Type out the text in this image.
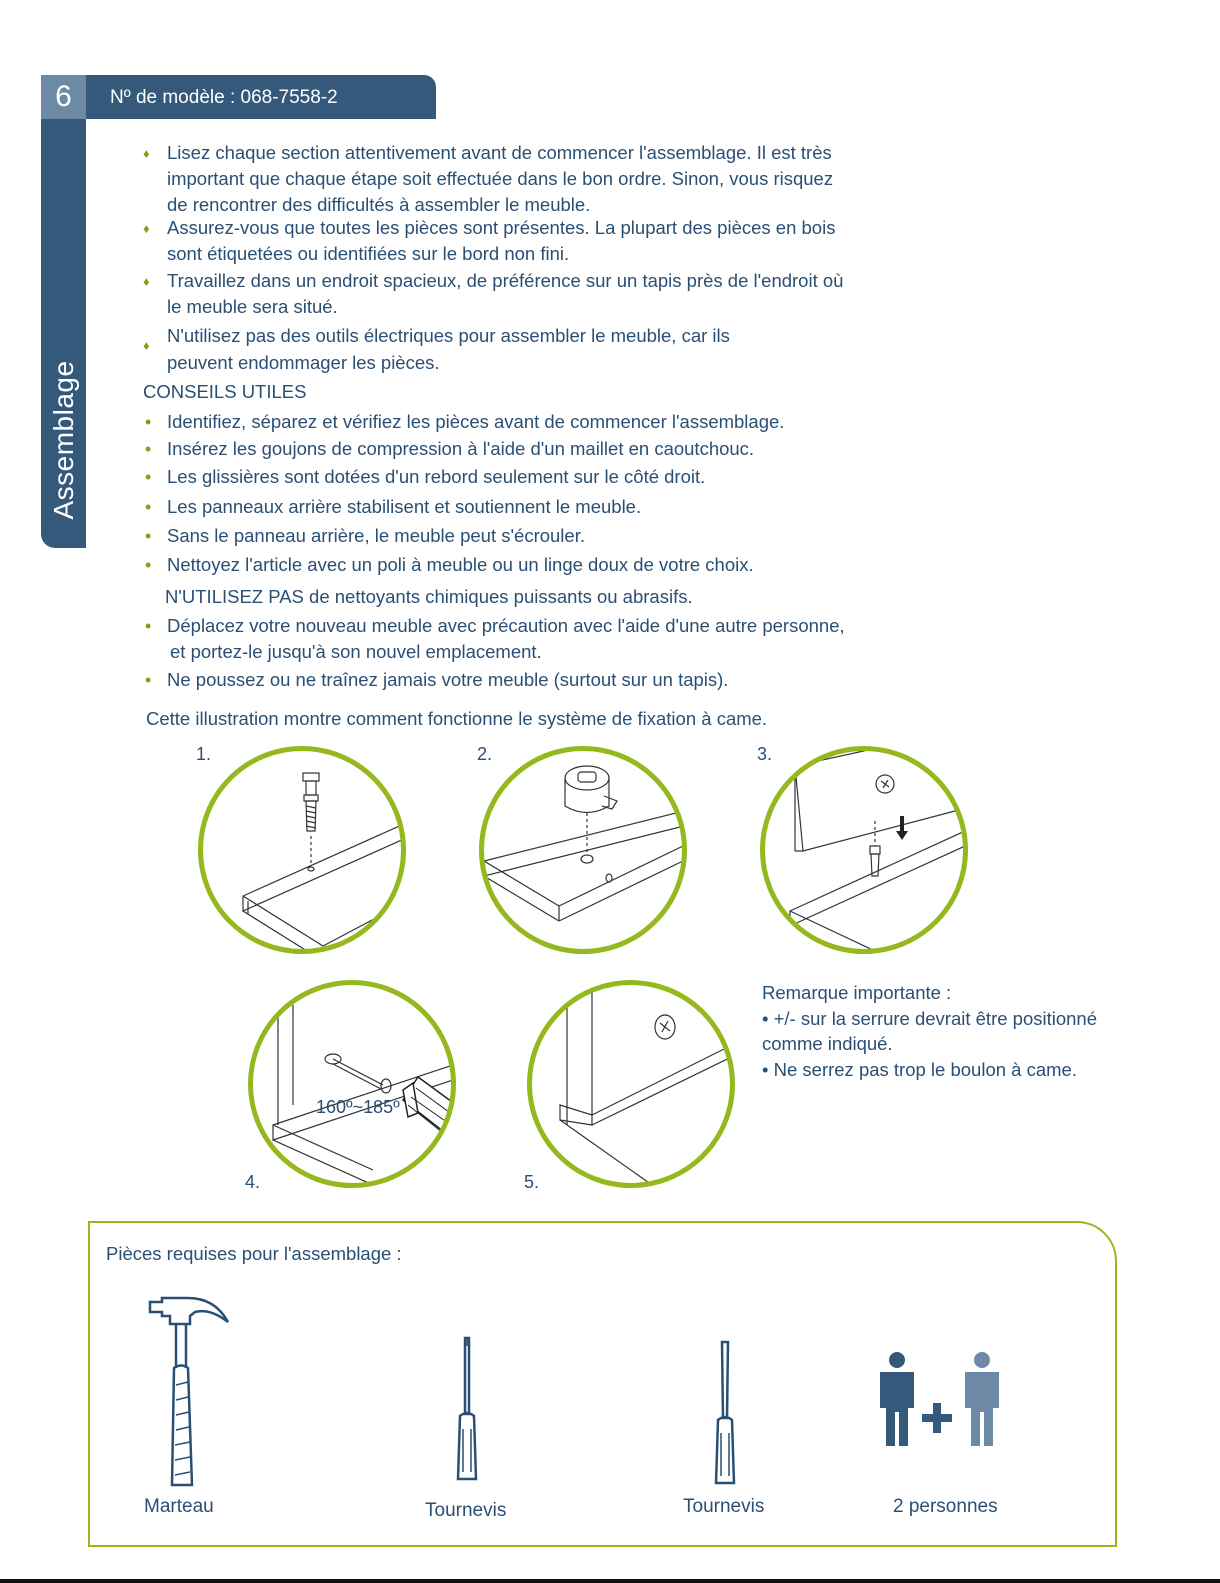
6	Nº de modèle : 068-7558-2
Assemblage
♦ Lisez chaque section attentivement avant de commencer l'assemblage. Il est très
important que chaque étape soit effectuée dans le bon ordre. Sinon, vous risquez
de rencontrer des difficultés à assembler le meuble.
♦ Assurez-vous que toutes les pièces sont présentes. La plupart des pièces en bois
sont étiquetées ou identifiées sur le bord non fini.
♦ Travaillez dans un endroit spacieux, de préférence sur un tapis près de l'endroit où
le meuble sera situé.
♦ N'utilisez pas des outils électriques pour assembler le meuble, car ils
peuvent endommager les pièces.
CONSEILS UTILES
• Identifiez, séparez et vérifiez les pièces avant de commencer l'assemblage.
• Insérez les goujons de compression à l'aide d'un maillet en caoutchouc.
• Les glissières sont dotées d'un rebord seulement sur le côté droit.
• Les panneaux arrière stabilisent et soutiennent le meuble.
• Sans le panneau arrière, le meuble peut s'écrouler.
• Nettoyez l'article avec un poli à meuble ou un linge doux de votre choix.
N'UTILISEZ PAS de nettoyants chimiques puissants ou abrasifs.
• Déplacez votre nouveau meuble avec précaution avec l'aide d'une autre personne,
et portez-le jusqu'à son nouvel emplacement.
• Ne poussez ou ne traînez jamais votre meuble (surtout sur un tapis).
Cette illustration montre comment fonctionne le système de fixation à came.
1.	2.	3.
4.	5.
160º~185º
Remarque importante :
• +/- sur la serrure devrait être positionné
comme indiqué.
• Ne serrez pas trop le boulon à came.
Pièces requises pour l'assemblage :
Marteau	Tournevis	Tournevis	2 personnes
